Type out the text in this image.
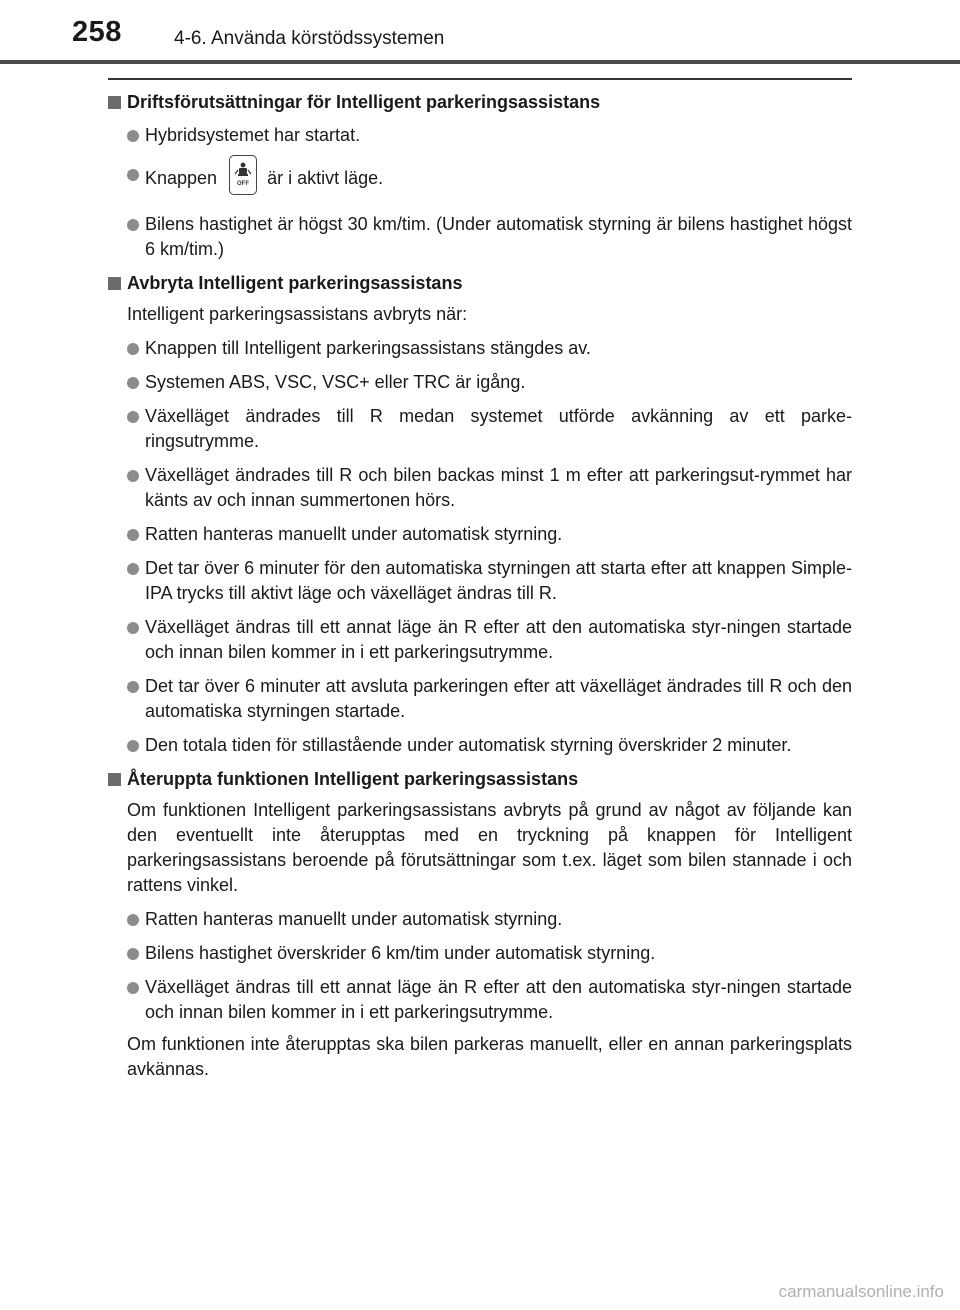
258	4-6. Använda körstödssystemen
Driftsförutsättningar för Intelligent parkeringsassistans
Hybridsystemet har startat.
Knappen	OFF är i aktivt läge.
Bilens hastighet är högst 30 km/tim. (Under automatisk styrning är bilens hastighet högst 6 km/tim.)
Avbryta Intelligent parkeringsassistans
Intelligent parkeringsassistans avbryts när:
Knappen till Intelligent parkeringsassistans stängdes av.
Systemen ABS, VSC, VSC+ eller TRC är igång.
Växelläget ändrades till R medan systemet utförde avkänning av ett parke-ringsutrymme.
Växelläget ändrades till R och bilen backas minst 1 m efter att parkeringsut-rymmet har känts av och innan summertonen hörs.
Ratten hanteras manuellt under automatisk styrning.
Det tar över 6 minuter för den automatiska styrningen att starta efter att knappen Simple-IPA trycks till aktivt läge och växelläget ändras till R.
Växelläget ändras till ett annat läge än R efter att den automatiska styr-ningen startade och innan bilen kommer in i ett parkeringsutrymme.
Det tar över 6 minuter att avsluta parkeringen efter att växelläget ändrades till R och den automatiska styrningen startade.
Den totala tiden för stillastående under automatisk styrning överskrider 2 minuter.
Återuppta funktionen Intelligent parkeringsassistans
Om funktionen Intelligent parkeringsassistans avbryts på grund av något av följande kan den eventuellt inte återupptas med en tryckning på knappen för Intelligent parkeringsassistans beroende på förutsättningar som t.ex. läget som bilen stannade i och rattens vinkel.
Ratten hanteras manuellt under automatisk styrning.
Bilens hastighet överskrider 6 km/tim under automatisk styrning.
Växelläget ändras till ett annat läge än R efter att den automatiska styr-ningen startade och innan bilen kommer in i ett parkeringsutrymme.
Om funktionen inte återupptas ska bilen parkeras manuellt, eller en annan parkeringsplats avkännas.
carmanualsonline.info
